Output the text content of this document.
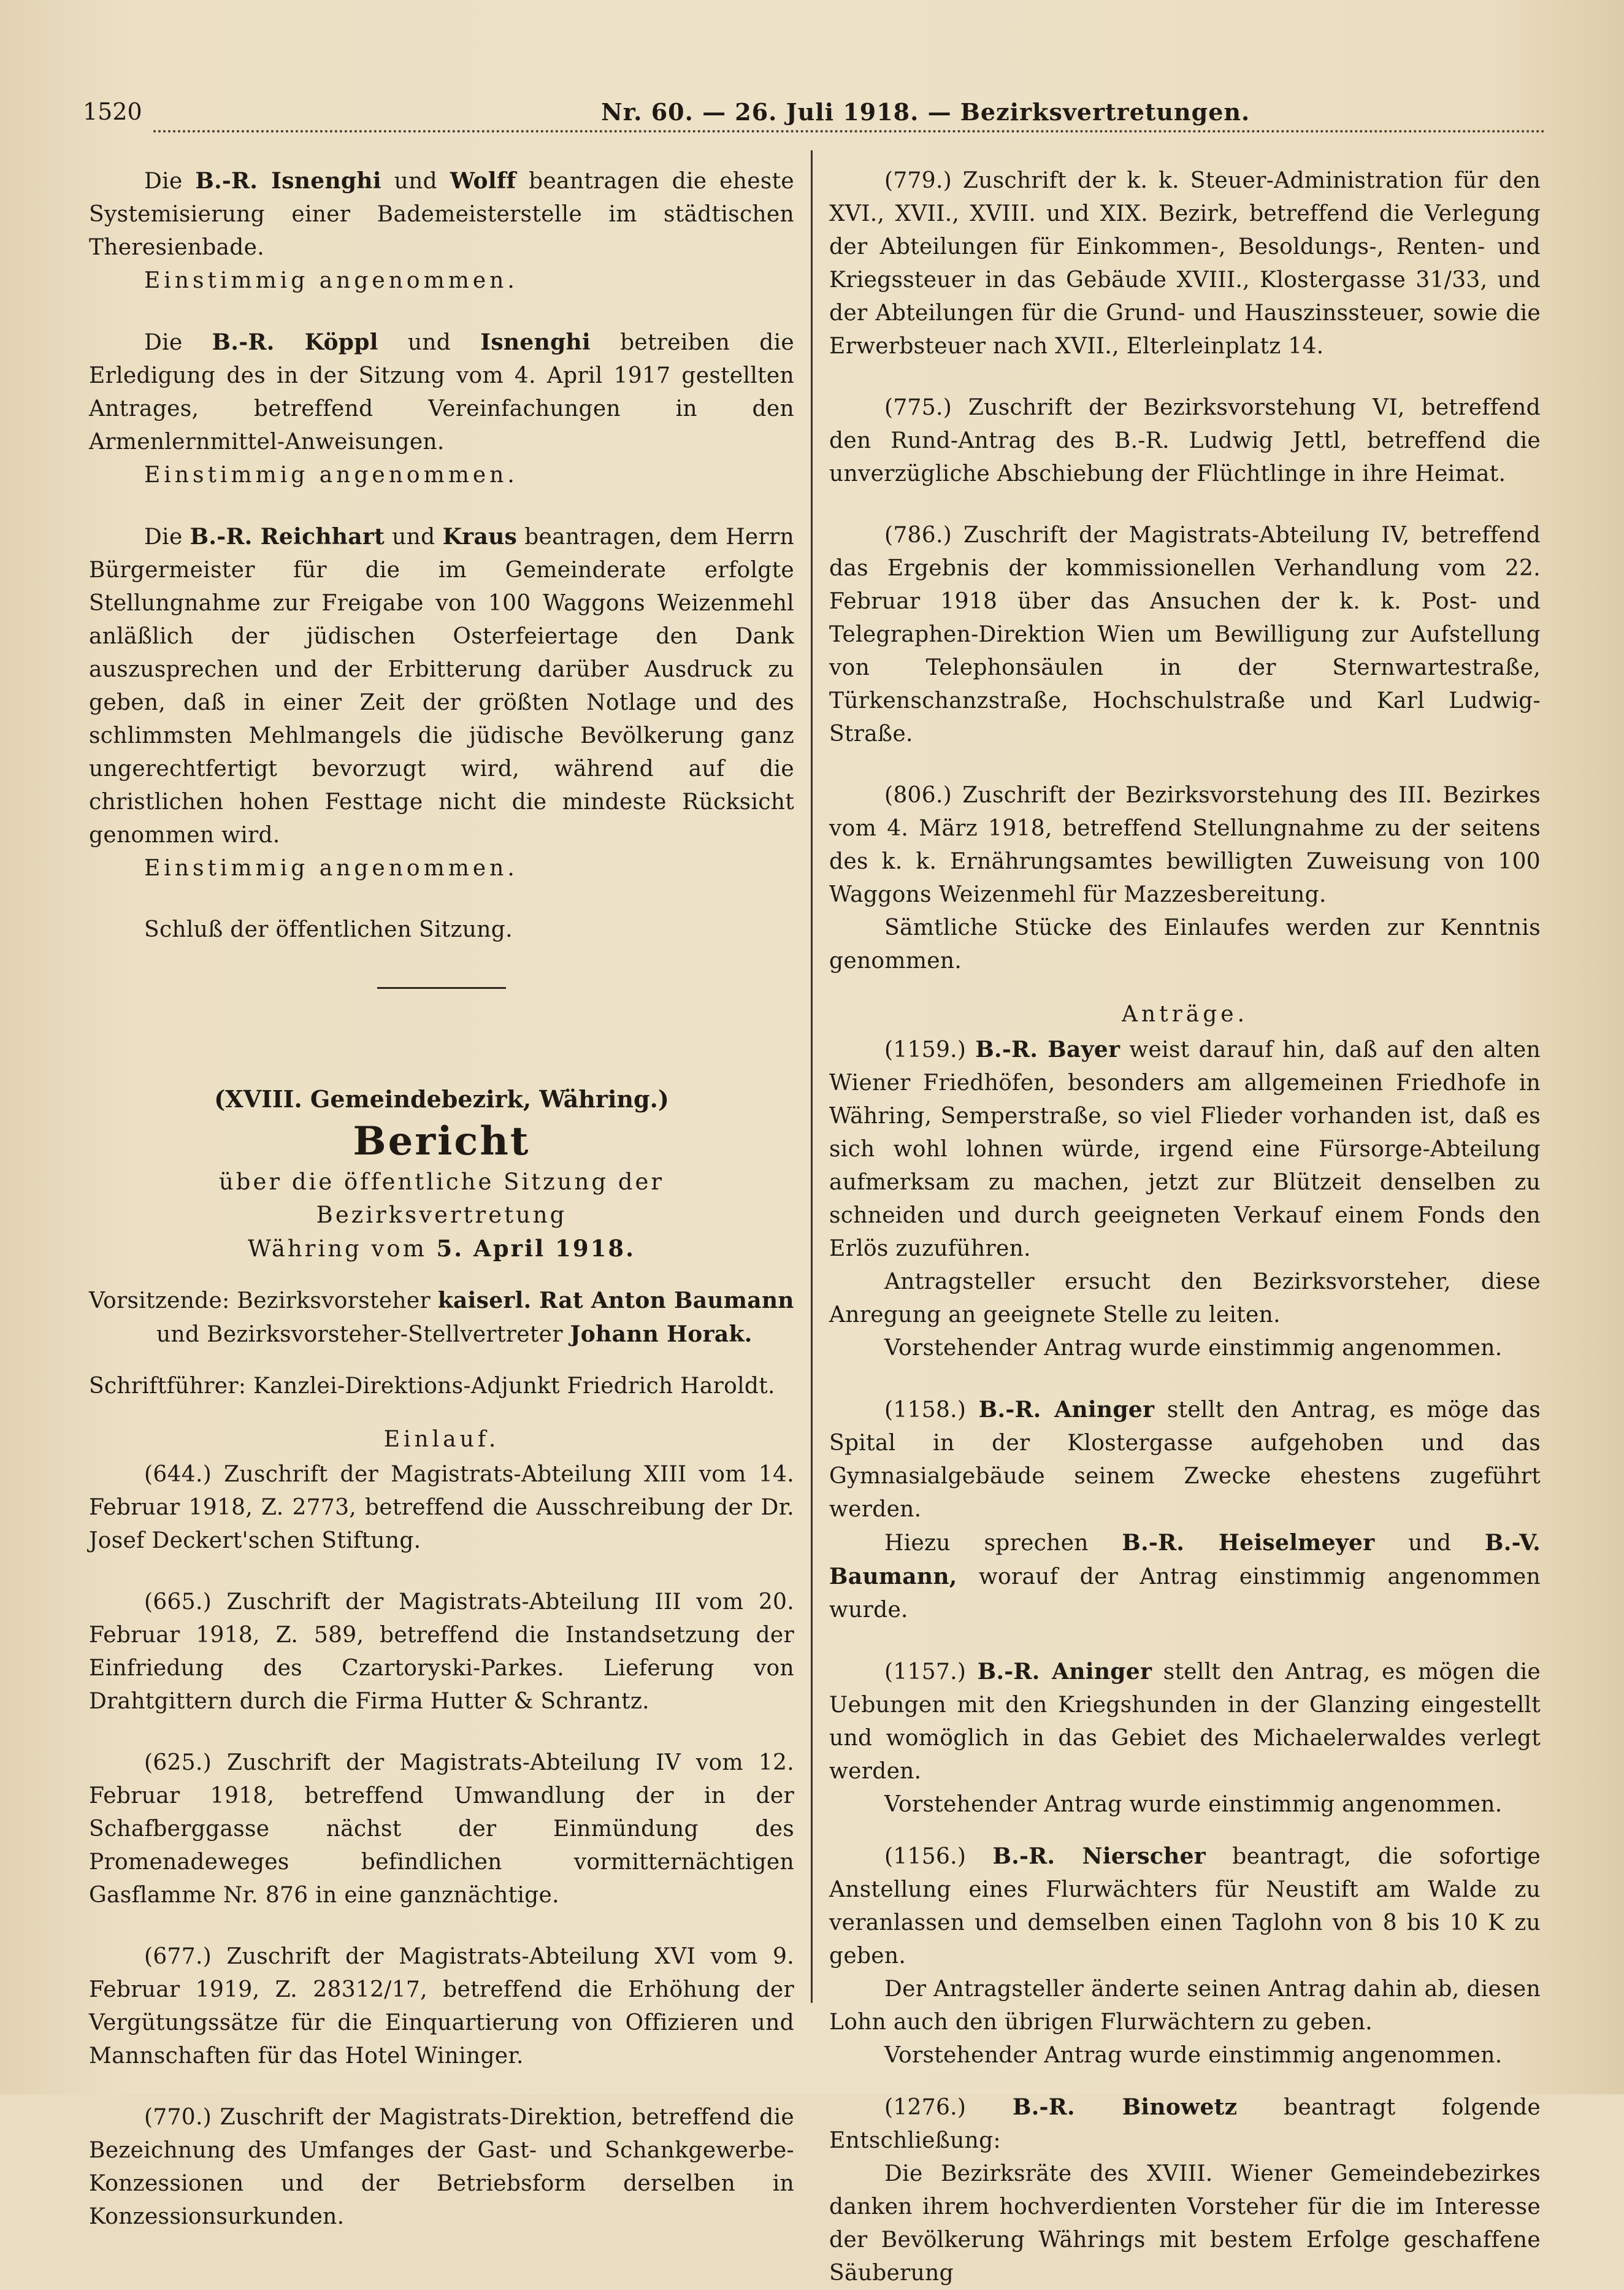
1520	Nr. 60. — 26. Juli 1918. — Bezirksvertretungen.

Die B.-R. Isnenghi und Wolff beantragen die eheste Systemisierung einer Bademeisterstelle im städtischen Theresienbade.

Einstimmig angenommen.

Die B.-R. Köppl und Isnenghi betreiben die Erledigung des in der Sitzung vom 4. April 1917 gestellten Antrages, betreffend Vereinfachungen in den Armenlernmittel-Anweisungen.

Einstimmig angenommen.

Die B.-R. Reichhart und Kraus beantragen, dem Herrn Bürgermeister für die im Gemeinderate erfolgte Stellungnahme zur Freigabe von 100 Waggons Weizenmehl anläßlich der jüdischen Osterfeiertage den Dank auszusprechen und der Erbitterung darüber Ausdruck zu geben, daß in einer Zeit der größten Notlage und des schlimmsten Mehlmangels die jüdische Bevölkerung ganz ungerechtfertigt bevorzugt wird, während auf die christlichen hohen Festtage nicht die mindeste Rücksicht genommen wird.

Einstimmig angenommen.

Schluß der öffentlichen Sitzung.

(XVIII. Gemeindebezirk, Währing.)
Bericht
über die öffentliche Sitzung der Bezirksvertretung
Währing vom 5. April 1918.

Vorsitzende: Bezirksvorsteher kaiserl. Rat Anton Baumann

und Bezirksvorsteher-Stellvertreter Johann Horak.

Schriftführer: Kanzlei-Direktions-Adjunkt Friedrich Haroldt.

Einlauf.

(644.) Zuschrift der Magistrats-Abteilung XIII vom 14. Februar 1918, Z. 2773, betreffend die Ausschreibung der Dr. Josef Deckert'schen Stiftung.

(665.) Zuschrift der Magistrats-Abteilung III vom 20. Februar 1918, Z. 589, betreffend die Instandsetzung der Einfriedung des Czartoryski-Parkes. Lieferung von Drahtgittern durch die Firma Hutter & Schrantz.

(625.) Zuschrift der Magistrats-Abteilung IV vom 12. Februar 1918, betreffend Umwandlung der in der Schafberggasse nächst der Einmündung des Promenadeweges befindlichen vormitternächtigen Gasflamme Nr. 876 in eine ganznächtige.

(677.) Zuschrift der Magistrats-Abteilung XVI vom 9. Februar 1919, Z. 28312/17, betreffend die Erhöhung der Vergütungssätze für die Einquartierung von Offizieren und Mannschaften für das Hotel Wininger.

(770.) Zuschrift der Magistrats-Direktion, betreffend die Bezeichnung des Umfanges der Gast- und Schankgewerbe-Konzessionen und der Betriebsform derselben in Konzessionsurkunden.

(779.) Zuschrift der k. k. Steuer-Administration für den XVI., XVII., XVIII. und XIX. Bezirk, betreffend die Verlegung der Abteilungen für Einkommen-, Besoldungs-, Renten- und Kriegssteuer in das Gebäude XVIII., Klostergasse 31/33, und der Abteilungen für die Grund- und Hauszinssteuer, sowie die Erwerbsteuer nach XVII., Elterleinplatz 14.

(775.) Zuschrift der Bezirksvorstehung VI, betreffend den Rund-Antrag des B.-R. Ludwig Jettl, betreffend die unverzügliche Abschiebung der Flüchtlinge in ihre Heimat.

(786.) Zuschrift der Magistrats-Abteilung IV, betreffend das Ergebnis der kommissionellen Verhandlung vom 22. Februar 1918 über das Ansuchen der k. k. Post- und Telegraphen-Direktion Wien um Bewilligung zur Aufstellung von Telephonsäulen in der Sternwartestraße, Türkenschanzstraße, Hochschulstraße und Karl Ludwig-Straße.

(806.) Zuschrift der Bezirksvorstehung des III. Bezirkes vom 4. März 1918, betreffend Stellungnahme zu der seitens des k. k. Ernährungsamtes bewilligten Zuweisung von 100 Waggons Weizenmehl für Mazzesbereitung.

Sämtliche Stücke des Einlaufes werden zur Kenntnis genommen.

Anträge.

(1159.) B.-R. Bayer weist darauf hin, daß auf den alten Wiener Friedhöfen, besonders am allgemeinen Friedhofe in Währing, Semperstraße, so viel Flieder vorhanden ist, daß es sich wohl lohnen würde, irgend eine Fürsorge-Abteilung aufmerksam zu machen, jetzt zur Blützeit denselben zu schneiden und durch geeigneten Verkauf einem Fonds den Erlös zuzuführen.

Antragsteller ersucht den Bezirksvorsteher, diese Anregung an geeignete Stelle zu leiten.

Vorstehender Antrag wurde einstimmig angenommen.

(1158.) B.-R. Aninger stellt den Antrag, es möge das Spital in der Klostergasse aufgehoben und das Gymnasialgebäude seinem Zwecke ehestens zugeführt werden.

Hiezu sprechen B.-R. Heiselmeyer und B.-V. Baumann, worauf der Antrag einstimmig angenommen wurde.

(1157.) B.-R. Aninger stellt den Antrag, es mögen die Uebungen mit den Kriegshunden in der Glanzing eingestellt und womöglich in das Gebiet des Michaelerwaldes verlegt werden.

Vorstehender Antrag wurde einstimmig angenommen.

(1156.) B.-R. Nierscher beantragt, die sofortige Anstellung eines Flurwächters für Neustift am Walde zu veranlassen und demselben einen Taglohn von 8 bis 10 K zu geben.

Der Antragsteller änderte seinen Antrag dahin ab, diesen Lohn auch den übrigen Flurwächtern zu geben.

Vorstehender Antrag wurde einstimmig angenommen.

(1276.) B.-R. Binowetz beantragt folgende Entschließung:

Die Bezirksräte des XVIII. Wiener Gemeindebezirkes danken ihrem hochverdienten Vorsteher für die im Interesse der Bevölkerung Währings mit bestem Erfolge geschaffene Säuberung
